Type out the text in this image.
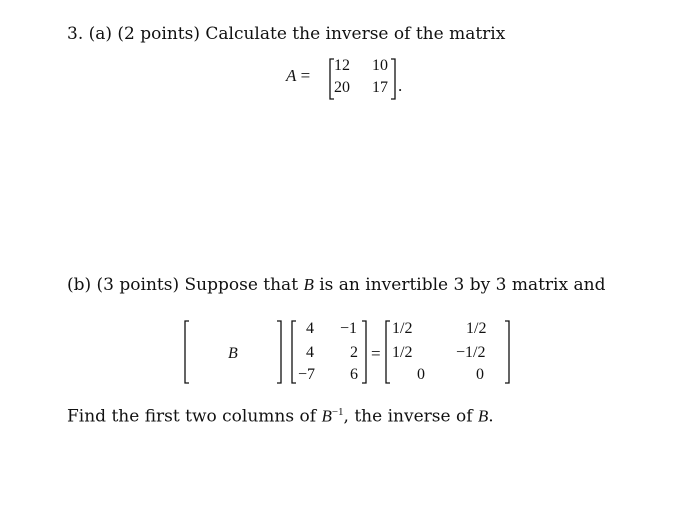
3. (a) (2 points) Calculate the inverse of the matrix
A =
12 10
20 17 .
(b) (3 points) Suppose that B is an invertible 3 by 3 matrix and
B
4 −1
4 2
−7 6
=
1/2	1/2
1/2	−1/2
0	0
Find the first two columns of $B^{-1}$, the inverse of B.
